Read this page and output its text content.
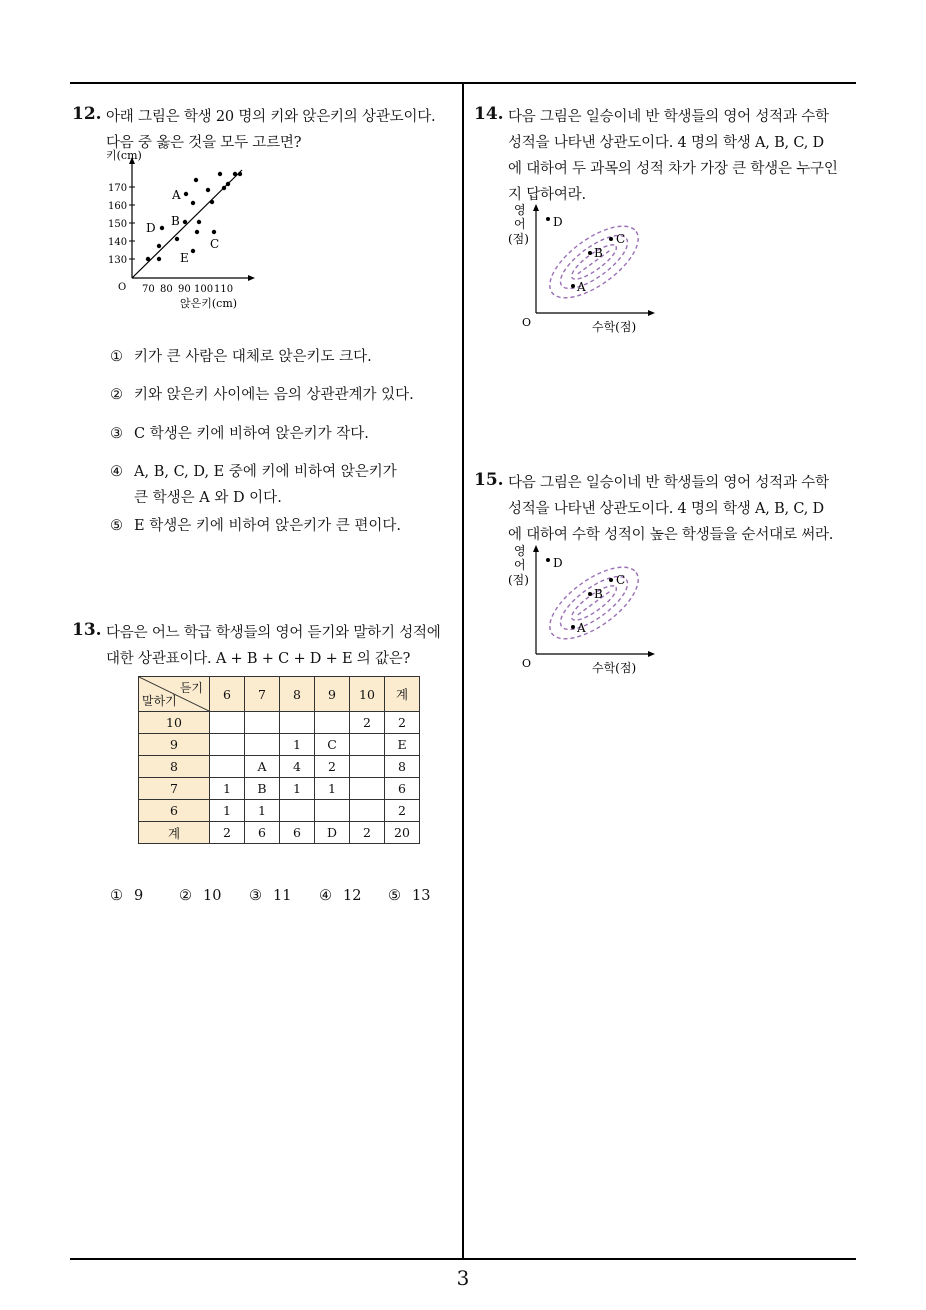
12. 아래 그림은 학생 20 명의 키와 앉은키의 상관도이다.
다음 중 옳은 것을 모두 고르면?
키(cm)
170
160
150
140
130
O 70 80 90 100 110
앉은키(cm)
A
B
C
D
E
① 키가 큰 사람은 대체로 앉은키도 크다.
② 키와 앉은키 사이에는 음의 상관관계가 있다.
③ C 학생은 키에 비하여 앉은키가 작다.
④ A, B, C, D, E 중에 키에 비하여 앉은키가
큰 학생은 A 와 D 이다.
⑤ E 학생은 키에 비하여 앉은키가 큰 편이다.
13. 다음은 어느 학급 학생들의 영어 듣기와 말하기 성적에
대한 상관표이다. A + B + C + D + E 의 값은?
듣기
말하기	6	7	8	9	10	계
10					2	2
9			1	C		E
8		A	4	2		8
7	1	B	1	1		6
6	1	1				2
계	2	6	6	D	2	20
① 9 ② 10 ③ 11 ④ 12 ⑤ 13
14. 다음 그림은 일승이네 반 학생들의 영어 성적과 수학
성적을 나타낸 상관도이다. 4 명의 학생 A, B, C, D
에 대하여 두 과목의 성적 차가 가장 큰 학생은 누구인
지 답하여라.
영
어
(점)
O	수학(점)
D
C
B
A
15. 다음 그림은 일승이네 반 학생들의 영어 성적과 수학
성적을 나타낸 상관도이다. 4 명의 학생 A, B, C, D
에 대하여 수학 성적이 높은 학생들을 순서대로 써라.
영
어
(점)
O	수학(점)
D
C
B
A
3
